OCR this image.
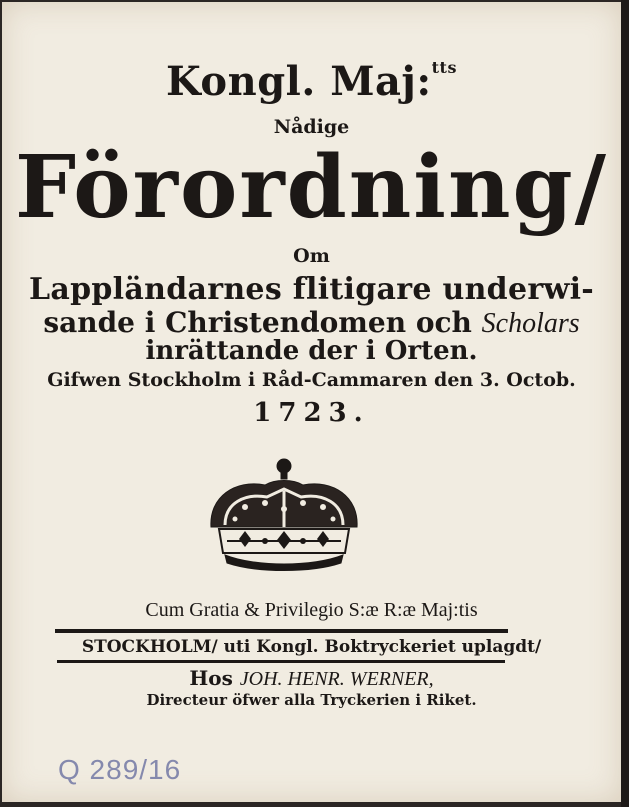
Kongl. Maj:$^{tts}$
Nådige
Förordning/
Om
Lappländarnes flitigare underwi-
sande i Christendomen och Scholars
inrättande der i Orten.
Gifwen Stockholm i Råd-Cammaren den 3. Octob.
1723.
Cum Gratia & Privilegio S:æ R:æ Maj:tis
STOCKHOLM/ uti Kongl. Boktryckeriet uplagdt/
Hos JOH. HENR. WERNER,
Directeur öfwer alla Tryckerien i Riket.
Q 289/16
